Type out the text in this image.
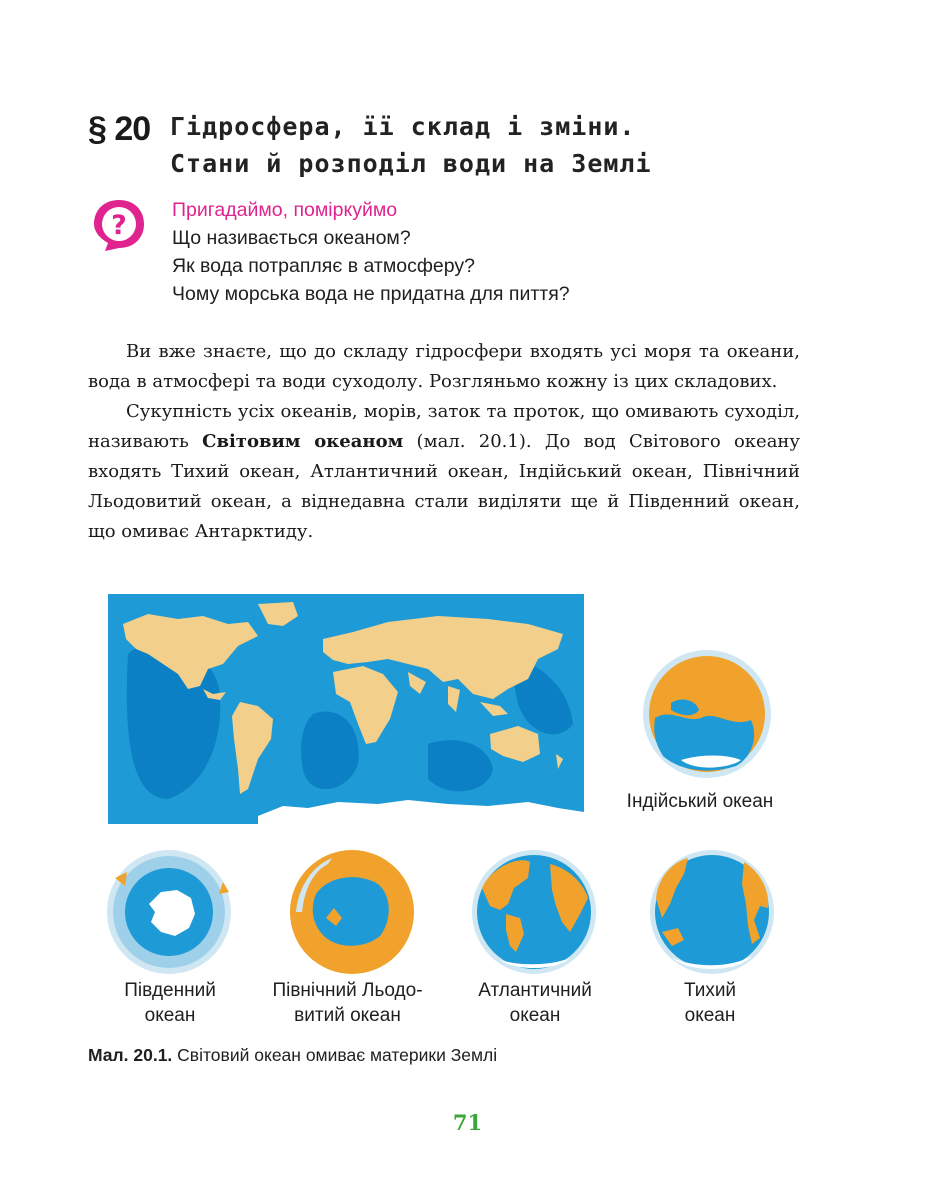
§ 20 Гідросфера, її склад і зміни.
Стани й розподіл води на Землі
? Пригадаймо, поміркуймо
Що називається океаном?
Як вода потрапляє в атмосферу?
Чому морська вода не придатна для пиття?

Ви вже знаєте, що до складу гідросфери входять усі моря та океани, вода в атмосфері та води суходолу. Розгляньмо кожну із цих складових.

Сукупність усіх океанів, морів, заток та проток, що омивають суходіл, називають Світовим океаном (мал. 20.1). До вод Світового океану входять Тихий океан, Атлантичний океан, Індійський океан, Північний Льодовитий океан, а віднедавна стали виділяти ще й Південний океан, що омиває Антарктиду.

Індійський океан
Південний
океан
Північний Льодо-
витий океан
Атлантичний
океан
Тихий
океан
Мал. 20.1. Світовий океан омиває материки Землі
71
